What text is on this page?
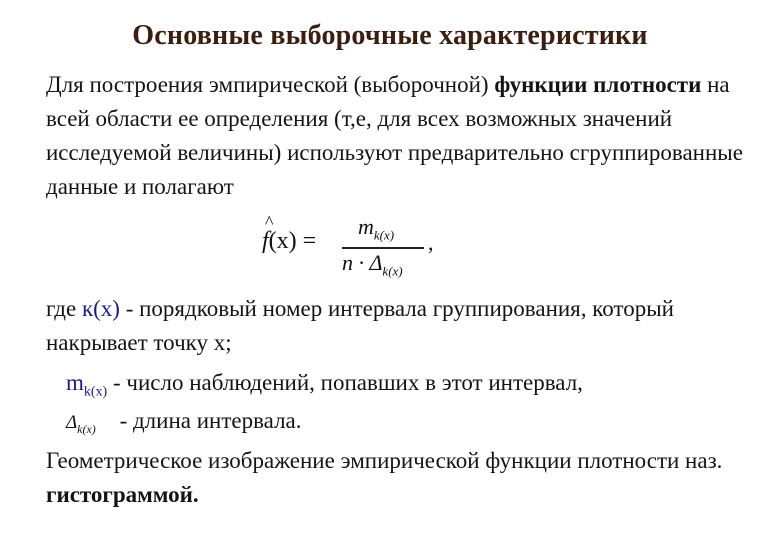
Основные выборочные характеристики
Для построения эмпирической (выборочной) функции плотности на всей области ее определения (т,е, для всех возможных значений исследуемой величины) используют предварительно сгруппированные данные и полагают
^
f(x) =
$m_{k(x)}$
$n \cdot \Delta_{k(x)}$
,
где к(х) - порядковый номер интервала группирования, который накрывает точку х;
$m_{k(x)}$ - число наблюдений, попавших в этот интервал,
$\Delta_{k(x)}$ - длина интервала.
Геометрическое изображение эмпирической функции плотности наз. гистограммой.
